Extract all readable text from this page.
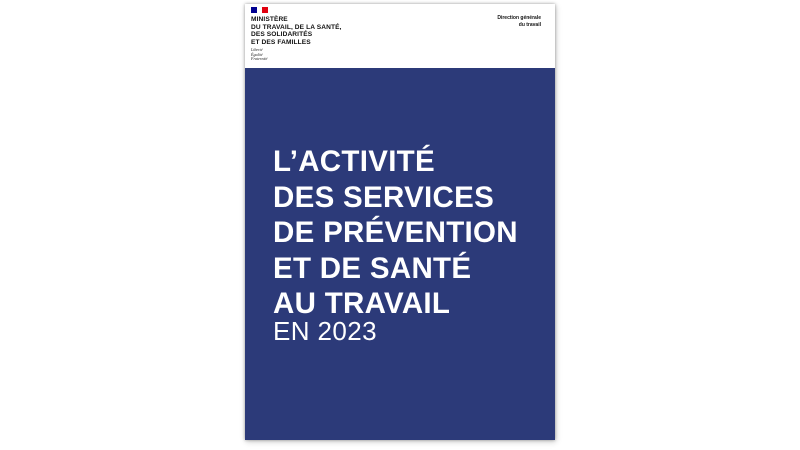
MINISTÈRE
DU TRAVAIL, DE LA SANTÉ,
DES SOLIDARITÉS
ET DES FAMILLES
Liberté
Égalité
Fraternité
Direction générale
du travail
L’ACTIVITÉ
DES SERVICES
DE PRÉVENTION
ET DE SANTÉ
AU TRAVAIL
EN 2023
